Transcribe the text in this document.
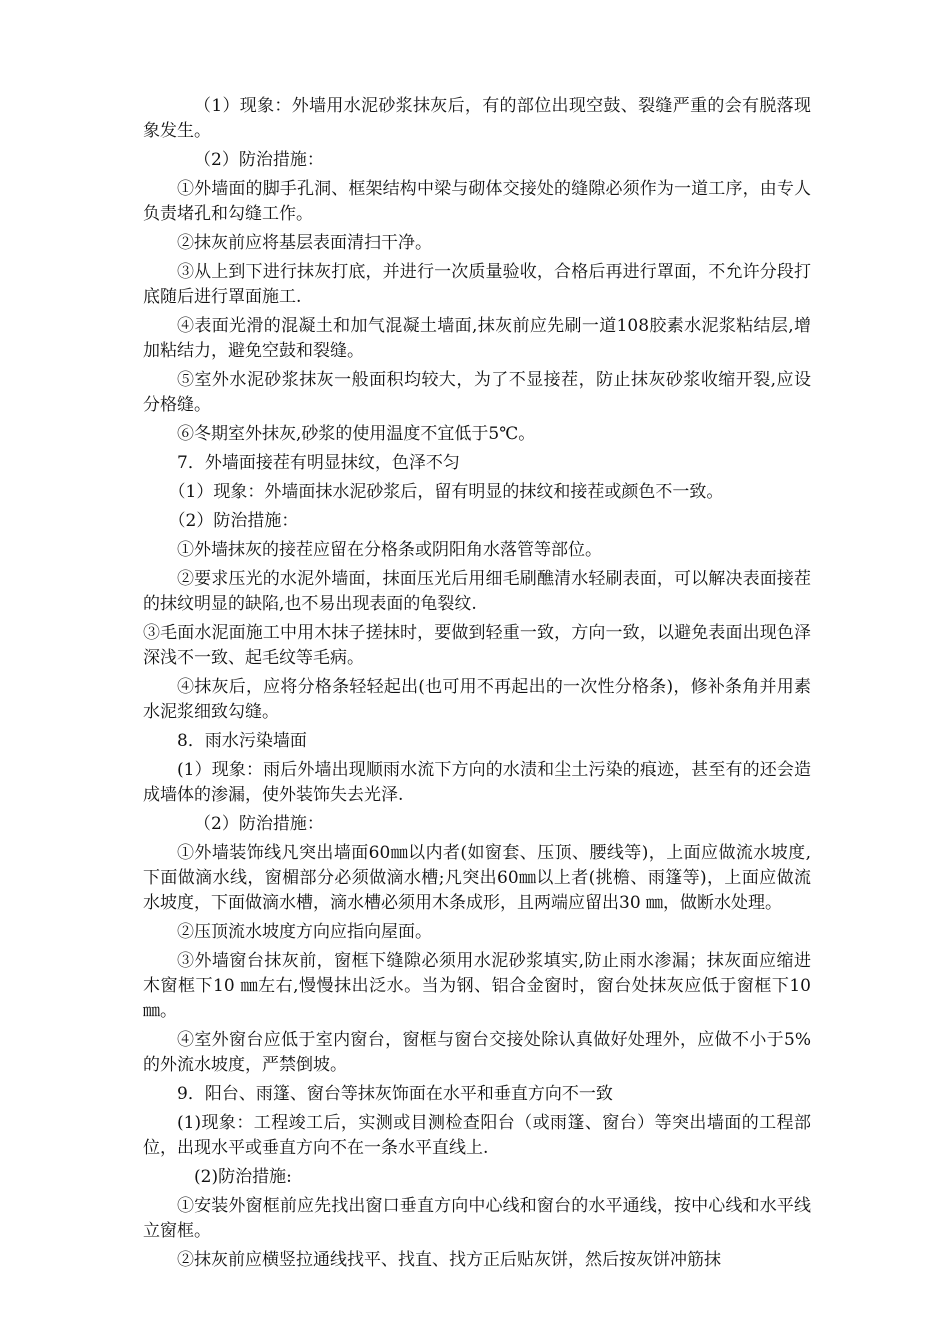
（1）现象：外墙用水泥砂浆抹灰后，有的部位出现空鼓、裂缝严重的会有脱落现象发生。

（2）防治措施：

①外墙面的脚手孔洞、框架结构中梁与砌体交接处的缝隙必须作为一道工序，由专人负责堵孔和勾缝工作。

②抹灰前应将基层表面清扫干净。

③从上到下进行抹灰打底，并进行一次质量验收，合格后再进行罩面，不允许分段打底随后进行罩面施工.

④表面光滑的混凝土和加气混凝土墙面,抹灰前应先刷一道108胶素水泥浆粘结层,增加粘结力，避免空鼓和裂缝。

⑤室外水泥砂浆抹灰一般面积均较大，为了不显接茬，防止抹灰砂浆收缩开裂,应设分格缝。

⑥冬期室外抹灰,砂浆的使用温度不宜低于5℃。

7．外墙面接茬有明显抹纹，色泽不匀

（1）现象：外墙面抹水泥砂浆后，留有明显的抹纹和接茬或颜色不一致。

（2）防治措施：

①外墙抹灰的接茬应留在分格条或阴阳角水落管等部位。

②要求压光的水泥外墙面，抹面压光后用细毛刷醮清水轻刷表面，可以解决表面接茬的抹纹明显的缺陷,也不易出现表面的龟裂纹.

③毛面水泥面施工中用木抹子搓抹时，要做到轻重一致，方向一致，以避免表面出现色泽深浅不一致、起毛纹等毛病。

④抹灰后，应将分格条轻轻起出(也可用不再起出的一次性分格条)，修补条角并用素水泥浆细致勾缝。

8．雨水污染墙面

(1）现象：雨后外墙出现顺雨水流下方向的水渍和尘土污染的痕迹，甚至有的还会造成墙体的渗漏，使外装饰失去光泽.

（2）防治措施：

①外墙装饰线凡突出墙面60㎜以内者(如窗套、压顶、腰线等)，上面应做流水坡度,下面做滴水线，窗楣部分必须做滴水槽;凡突出60㎜以上者(挑檐、雨篷等)，上面应做流水坡度，下面做滴水槽，滴水槽必须用木条成形，且两端应留出30 ㎜，做断水处理。

②压顶流水坡度方向应指向屋面。

③外墙窗台抹灰前，窗框下缝隙必须用水泥砂浆填实,防止雨水渗漏；抹灰面应缩进木窗框下10 ㎜左右,慢慢抹出泛水。当为钢、铝合金窗时，窗台处抹灰应低于窗框下10㎜。

④室外窗台应低于室内窗台，窗框与窗台交接处除认真做好处理外，应做不小于5%的外流水坡度，严禁倒坡。

9．阳台、雨篷、窗台等抹灰饰面在水平和垂直方向不一致

(1)现象：工程竣工后，实测或目测检查阳台（或雨篷、窗台）等突出墙面的工程部位，出现水平或垂直方向不在一条水平直线上.

(2)防治措施:

①安装外窗框前应先找出窗口垂直方向中心线和窗台的水平通线，按中心线和水平线立窗框。

②抹灰前应横竖拉通线找平、找直、找方正后贴灰饼，然后按灰饼冲筋抹
